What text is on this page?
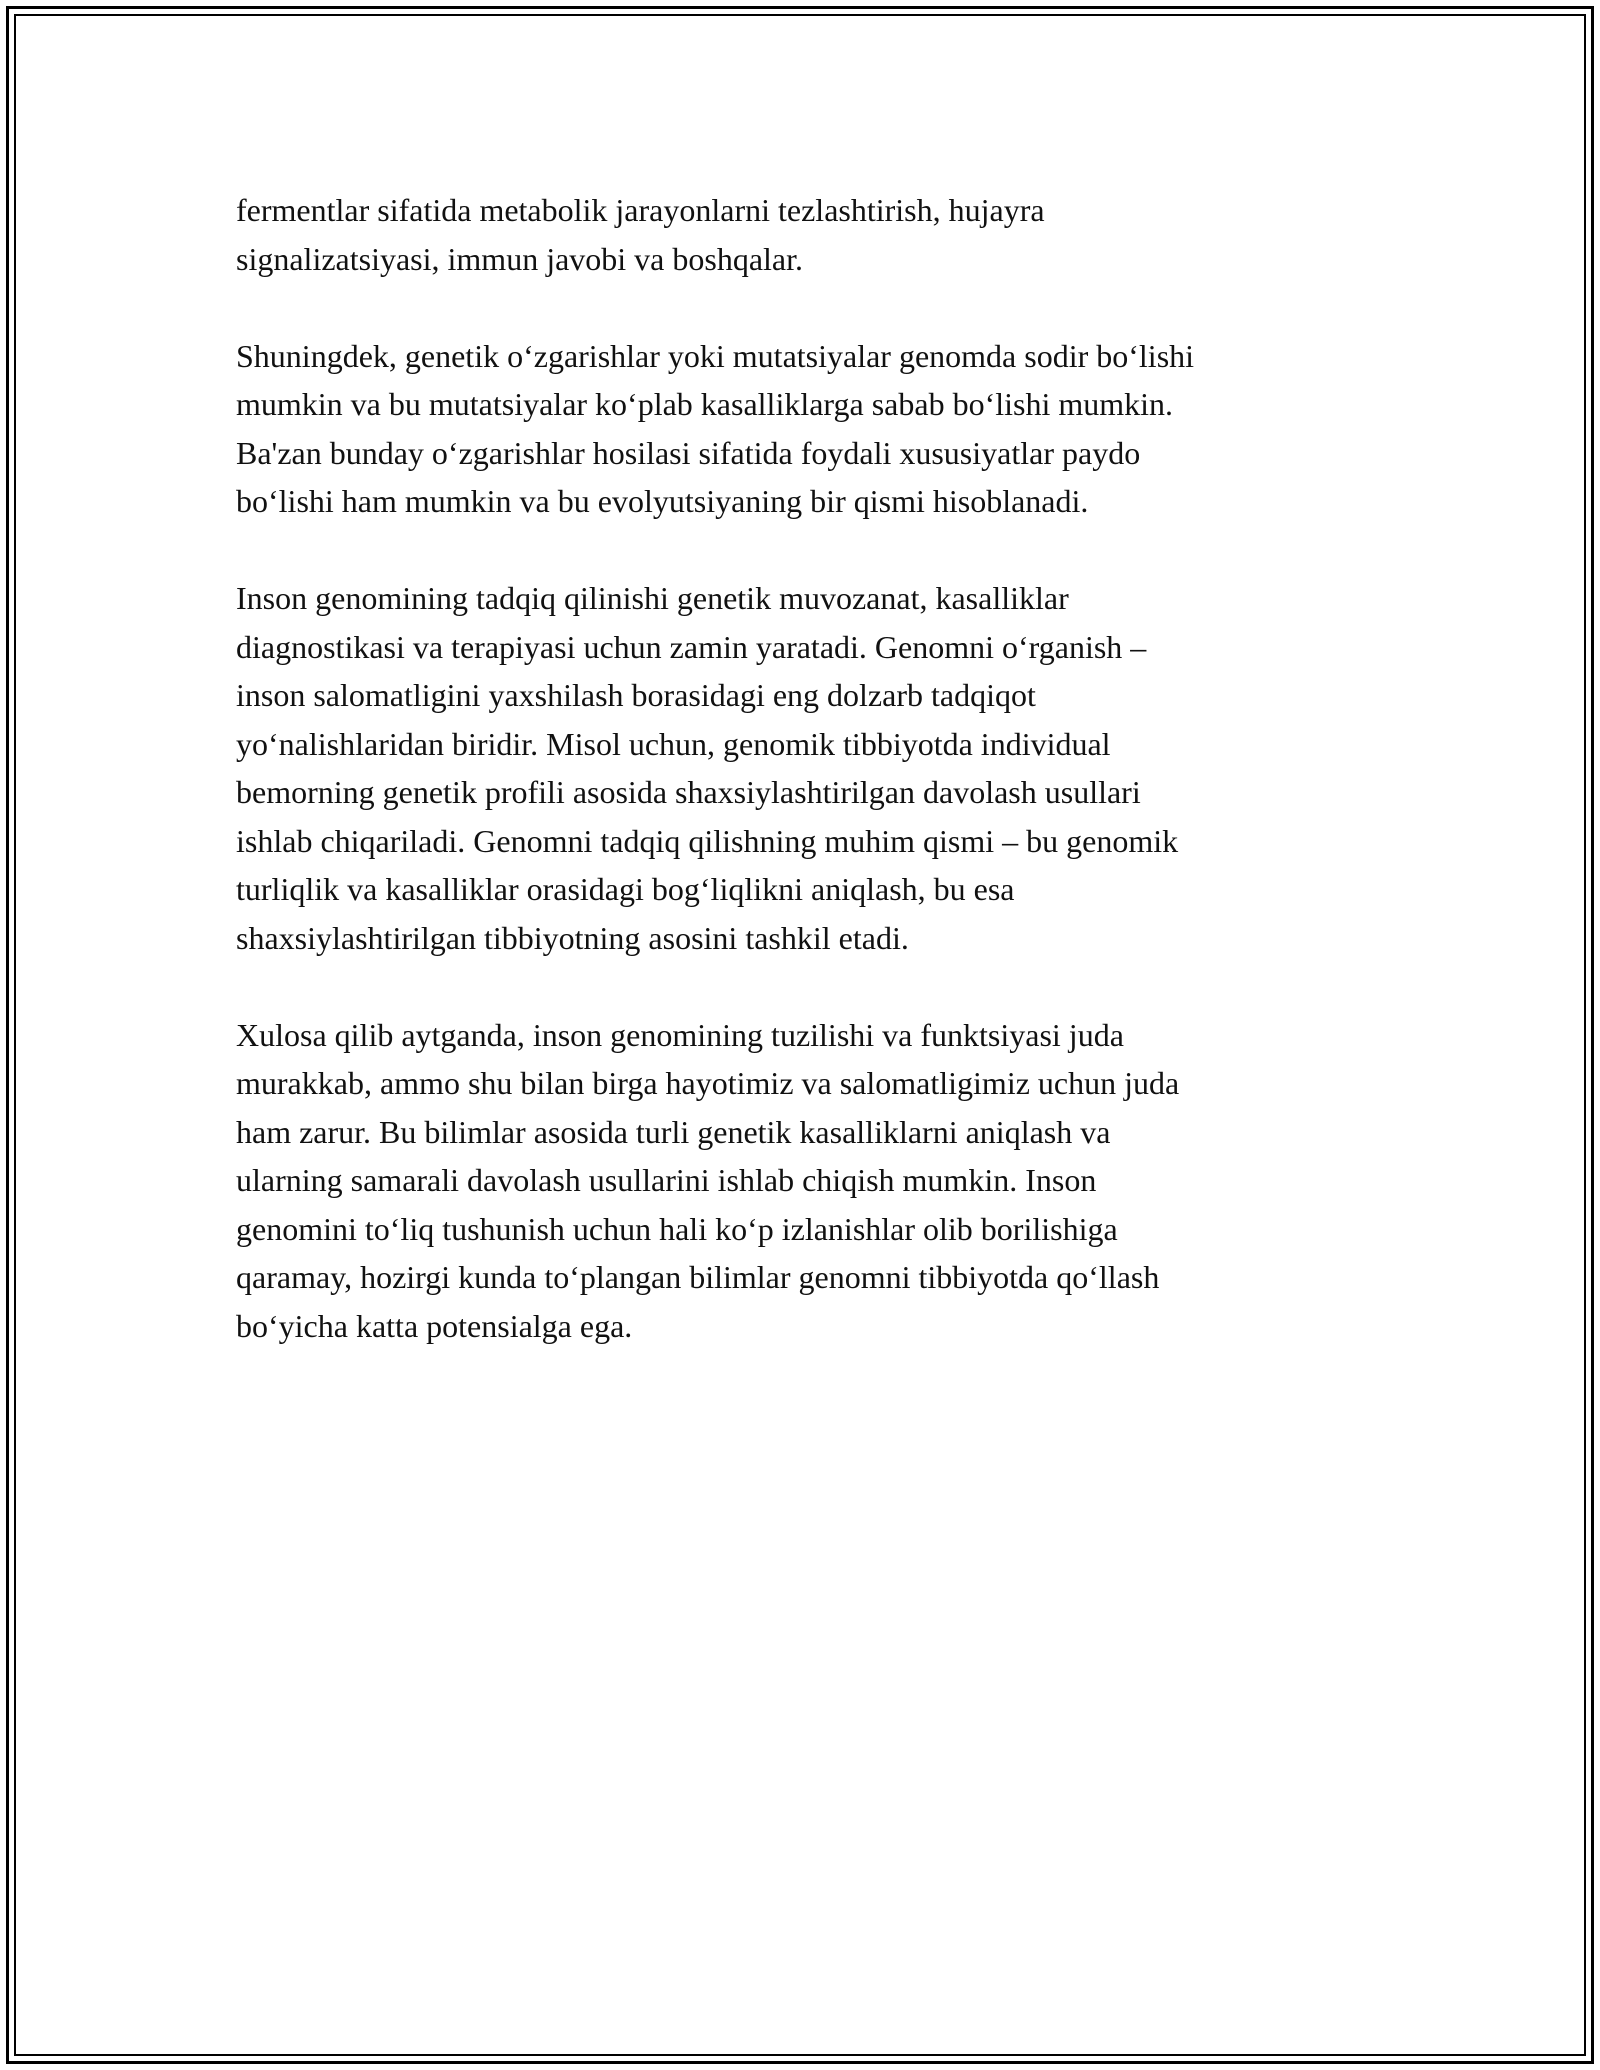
fermentlar sifatida metabolik jarayonlarni tezlashtirish, hujayra
signalizatsiyasi, immun javobi va boshqalar.

Shuningdek, genetik o‘zgarishlar yoki mutatsiyalar genomda sodir bo‘lishi
mumkin va bu mutatsiyalar ko‘plab kasalliklarga sabab bo‘lishi mumkin.
Ba'zan bunday o‘zgarishlar hosilasi sifatida foydali xususiyatlar paydo
bo‘lishi ham mumkin va bu evolyutsiyaning bir qismi hisoblanadi.

Inson genomining tadqiq qilinishi genetik muvozanat, kasalliklar
diagnostikasi va terapiyasi uchun zamin yaratadi. Genomni o‘rganish –
inson salomatligini yaxshilash borasidagi eng dolzarb tadqiqot
yo‘nalishlaridan biridir. Misol uchun, genomik tibbiyotda individual
bemorning genetik profili asosida shaxsiylashtirilgan davolash usullari
ishlab chiqariladi. Genomni tadqiq qilishning muhim qismi – bu genomik
turliqlik va kasalliklar orasidagi bog‘liqlikni aniqlash, bu esa
shaxsiylashtirilgan tibbiyotning asosini tashkil etadi.

Xulosa qilib aytganda, inson genomining tuzilishi va funktsiyasi juda
murakkab, ammo shu bilan birga hayotimiz va salomatligimiz uchun juda
ham zarur. Bu bilimlar asosida turli genetik kasalliklarni aniqlash va
ularning samarali davolash usullarini ishlab chiqish mumkin. Inson
genomini to‘liq tushunish uchun hali ko‘p izlanishlar olib borilishiga
qaramay, hozirgi kunda to‘plangan bilimlar genomni tibbiyotda qo‘llash
bo‘yicha katta potensialga ega.
